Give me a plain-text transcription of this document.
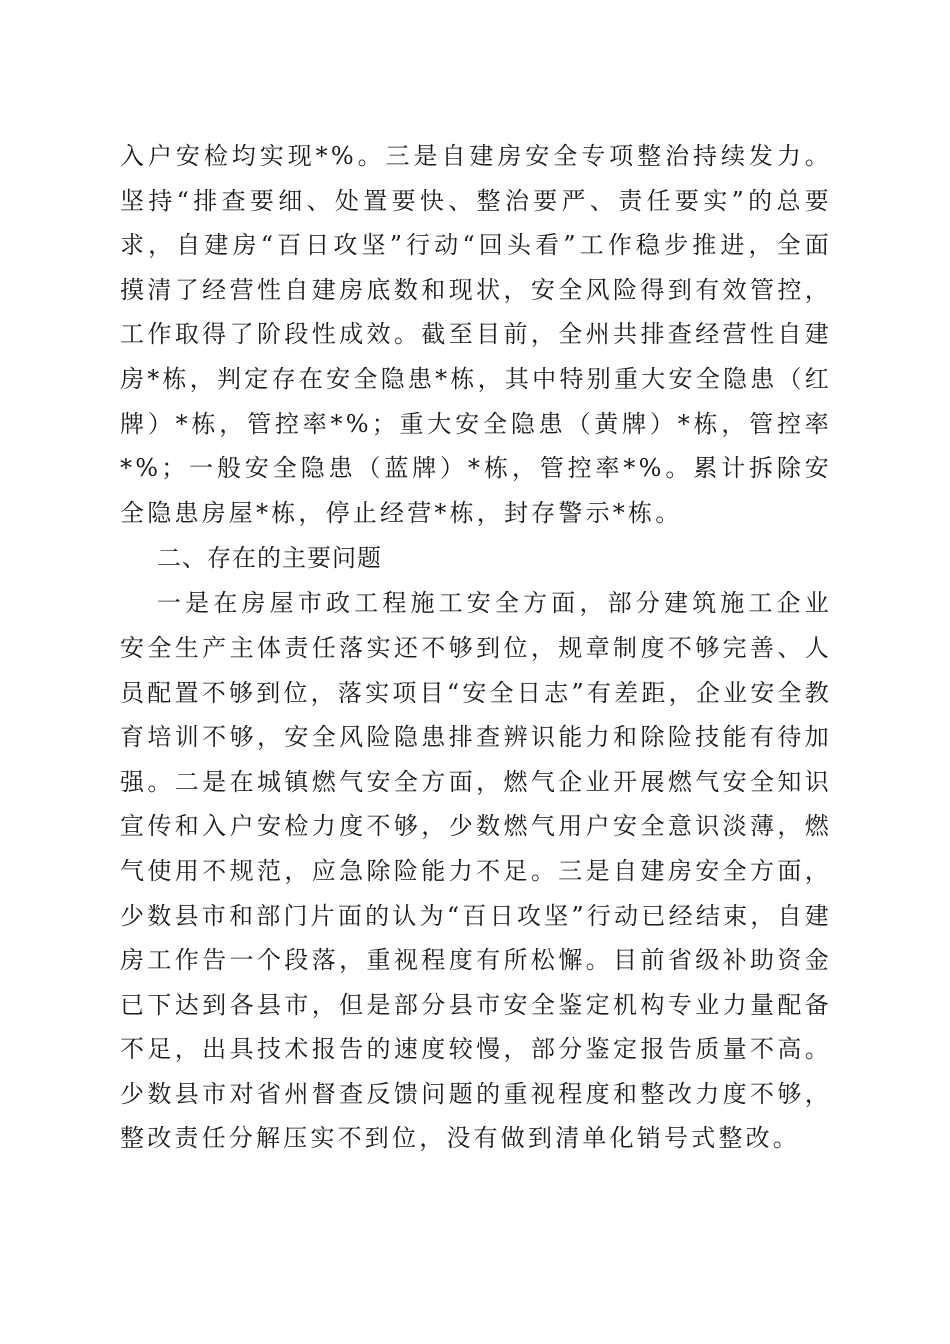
入户安检均实现*%。三是自建房安全专项整治持续发力。坚持“排查要细、处置要快、整治要严、责任要实”的总要求，自建房“百日攻坚”行动“回头看”工作稳步推进，全面摸清了经营性自建房底数和现状，安全风险得到有效管控，工作取得了阶段性成效。截至目前，全州共排查经营性自建房*栋，判定存在安全隐患*栋，其中特别重大安全隐患（红牌）*栋，管控率*%；重大安全隐患（黄牌）*栋，管控率*%；一般安全隐患（蓝牌）*栋，管控率*%。累计拆除安全隐患房屋*栋，停止经营*栋，封存警示*栋。

二、存在的主要问题

一是在房屋市政工程施工安全方面，部分建筑施工企业安全生产主体责任落实还不够到位，规章制度不够完善、人员配置不够到位，落实项目“安全日志”有差距，企业安全教育培训不够，安全风险隐患排查辨识能力和除险技能有待加强。二是在城镇燃气安全方面，燃气企业开展燃气安全知识宣传和入户安检力度不够，少数燃气用户安全意识淡薄，燃气使用不规范，应急除险能力不足。三是自建房安全方面，少数县市和部门片面的认为“百日攻坚”行动已经结束，自建房工作告一个段落，重视程度有所松懈。目前省级补助资金已下达到各县市，但是部分县市安全鉴定机构专业力量配备不足，出具技术报告的速度较慢，部分鉴定报告质量不高。少数县市对省州督查反馈问题的重视程度和整改力度不够，整改责任分解压实不到位，没有做到清单化销号式整改。
